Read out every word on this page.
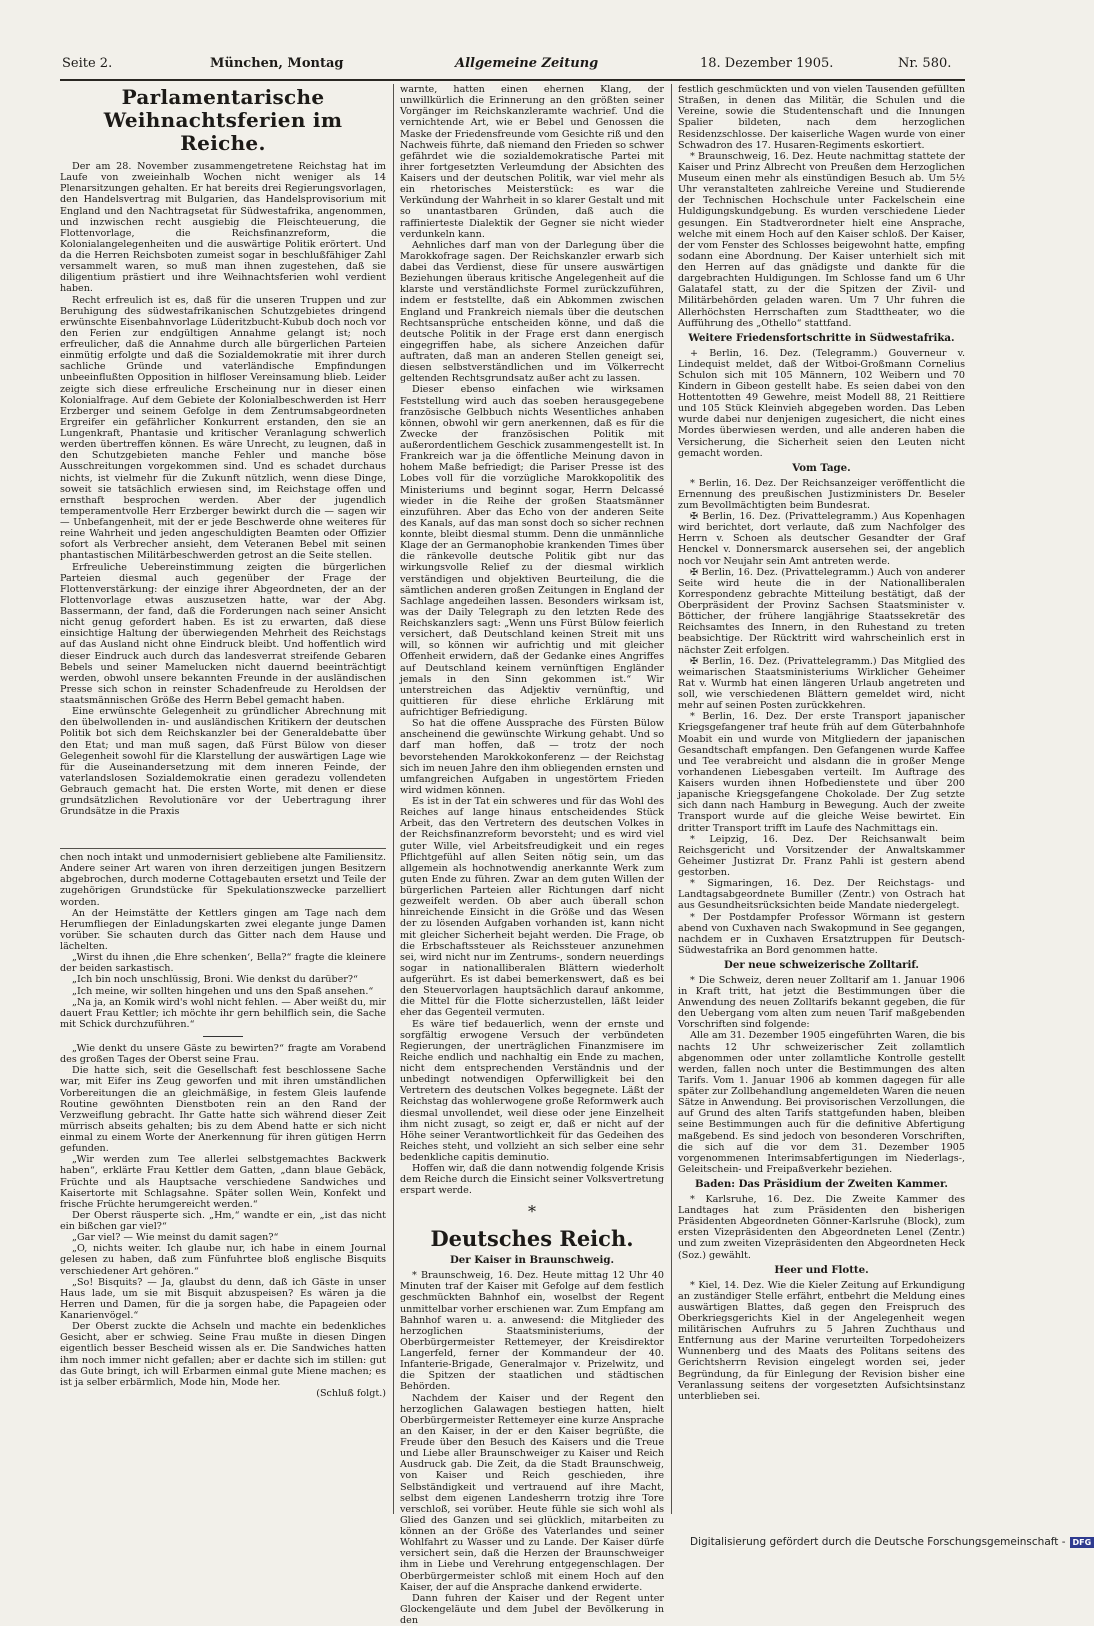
Seite 2.	München, Montag	Allgemeine Zeitung	18. Dezember 1905.	Nr. 580.
Parlamentarische Weihnachtsferien im Reiche.

Der am 28. November zusammengetretene Reichstag hat im Laufe von zweieinhalb Wochen nicht weniger als 14 Plenarsitzungen gehalten. Er hat bereits drei Regierungsvorlagen, den Handelsvertrag mit Bulgarien, das Handelsprovisorium mit England und den Nachtragsetat für Südwestafrika, angenommen, und inzwischen recht ausgiebig die Fleischteuerung, die Flottenvorlage, die Reichsfinanzreform, die Kolonialangelegenheiten und die auswärtige Politik erörtert. Und da die Herren Reichsboten zumeist sogar in beschlußfähiger Zahl versammelt waren, so muß man ihnen zugestehen, daß sie diligentium prästiert und ihre Weihnachtsferien wohl verdient haben.

Recht erfreulich ist es, daß für die unseren Truppen und zur Beruhigung des südwestafrikanischen Schutzgebietes dringend erwünschte Eisenbahnvorlage Lüderitzbucht-Kubub doch noch vor den Ferien zur endgültigen Annahme gelangt ist; noch erfreulicher, daß die Annahme durch alle bürgerlichen Parteien einmütig erfolgte und daß die Sozialdemokratie mit ihrer durch sachliche Gründe und vaterländische Empfindungen unbeeinflußten Opposition in hilfloser Vereinsamung blieb. Leider zeigte sich diese erfreuliche Erscheinung nur in dieser einen Kolonialfrage. Auf dem Gebiete der Kolonialbeschwerden ist Herr Erzberger und seinem Gefolge in dem Zentrumsabgeordneten Ergreifer ein gefährlicher Konkurrent erstanden, den sie an Lungenkraft, Phantasie und kritischer Veranlagung schwerlich werden übertreffen können. Es wäre Unrecht, zu leugnen, daß in den Schutzgebieten manche Fehler und manche böse Ausschreitungen vorgekommen sind. Und es schadet durchaus nichts, ist vielmehr für die Zukunft nützlich, wenn diese Dinge, soweit sie tatsächlich erwiesen sind, im Reichstage offen und ernsthaft besprochen werden. Aber der jugendlich temperamentvolle Herr Erzberger bewirkt durch die — sagen wir — Unbefangenheit, mit der er jede Beschwerde ohne weiteres für reine Wahrheit und jeden angeschuldigten Beamten oder Offizier sofort als Verbrecher ansieht, dem Veteranen Bebel mit seinen phantastischen Militärbeschwerden getrost an die Seite stellen.

Erfreuliche Uebereinstimmung zeigten die bürgerlichen Parteien diesmal auch gegenüber der Frage der Flottenverstärkung: der einzige ihrer Abgeordneten, der an der Flottenvorlage etwas auszusetzen hatte, war der Abg. Bassermann, der fand, daß die Forderungen nach seiner Ansicht nicht genug gefordert haben. Es ist zu erwarten, daß diese einsichtige Haltung der überwiegenden Mehrheit des Reichstags auf das Ausland nicht ohne Eindruck bleibt. Und hoffentlich wird dieser Eindruck auch durch das landesverrat streifende Gebaren Bebels und seiner Mamelucken nicht dauernd beeinträchtigt werden, obwohl unsere bekannten Freunde in der ausländischen Presse sich schon in reinster Schadenfreude zu Heroldsen der staatsmännischen Größe des Herrn Bebel gemacht haben.

Eine erwünschte Gelegenheit zu gründlicher Abrechnung mit den übelwollenden in- und ausländischen Kritikern der deutschen Politik bot sich dem Reichskanzler bei der Generaldebatte über den Etat; und man muß sagen, daß Fürst Bülow von dieser Gelegenheit sowohl für die Klarstellung der auswärtigen Lage wie für die Auseinandersetzung mit dem inneren Feinde, der vaterlandslosen Sozialdemokratie einen geradezu vollendeten Gebrauch gemacht hat. Die ersten Worte, mit denen er diese grundsätzlichen Revolutionäre vor der Uebertragung ihrer Grundsätze in die Praxis

chen noch intakt und unmodernisiert gebliebene alte Familiensitz. Andere seiner Art waren von ihren derzeitigen jungen Besitzern abgebrochen, durch moderne Cottagebauten ersetzt und Teile der zugehörigen Grundstücke für Spekulationszwecke parzelliert worden.

An der Heimstätte der Kettlers gingen am Tage nach dem Herumfliegen der Einladungskarten zwei elegante junge Damen vorüber. Sie schauten durch das Gitter nach dem Hause und lächelten.

„Wirst du ihnen ‚die Ehre schenken‘, Bella?“ fragte die kleinere der beiden sarkastisch.

„Ich bin noch unschlüssig, Broni. Wie denkst du darüber?“

„Ich meine, wir sollten hingehen und uns den Spaß ansehen.“

„Na ja, an Komik wird's wohl nicht fehlen. — Aber weißt du, mir dauert Frau Kettler; ich möchte ihr gern behilflich sein, die Sache mit Schick durchzuführen.“

„Wie denkt du unsere Gäste zu bewirten?“ fragte am Vorabend des großen Tages der Oberst seine Frau.

Die hatte sich, seit die Gesellschaft fest beschlossene Sache war, mit Eifer ins Zeug geworfen und mit ihren umständlichen Vorbereitungen die an gleichmäßige, in festem Gleis laufende Routine gewöhnten Dienstboten rein an den Rand der Verzweiflung gebracht. Ihr Gatte hatte sich während dieser Zeit mürrisch abseits gehalten; bis zu dem Abend hatte er sich nicht einmal zu einem Worte der Anerkennung für ihren gütigen Herrn gefunden.

„Wir werden zum Tee allerlei selbstgemachtes Backwerk haben“, erklärte Frau Kettler dem Gatten, „dann blaue Gebäck, Früchte und als Hauptsache verschiedene Sandwiches und Kaisertorte mit Schlagsahne. Später sollen Wein, Konfekt und frische Früchte herumgereicht werden.“

Der Oberst räusperte sich. „Hm,“ wandte er ein, „ist das nicht ein bißchen gar viel?“

„Gar viel? — Wie meinst du damit sagen?“

„O, nichts weiter. Ich glaube nur, ich habe in einem Journal gelesen zu haben, daß zum Fünfuhrtee bloß englische Bisquits verschiedener Art gehören.“

„So! Bisquits? — Ja, glaubst du denn, daß ich Gäste in unser Haus lade, um sie mit Bisquit abzuspeisen? Es wären ja die Herren und Damen, für die ja sorgen habe, die Papageien oder Kanarienvögel.“

Der Oberst zuckte die Achseln und machte ein bedenkliches Gesicht, aber er schwieg. Seine Frau mußte in diesen Dingen eigentlich besser Bescheid wissen als er. Die Sandwiches hatten ihm noch immer nicht gefallen; aber er dachte sich im stillen: gut das Gute bringt, ich will Erbarmen einmal gute Miene machen; es ist ja selber erbärmlich, Mode hin, Mode her.

(Schluß folgt.)

warnte, hatten einen ehernen Klang, der unwillkürlich die Erinnerung an den größten seiner Vorgänger im Reichskanzleramte wachrief. Und die vernichtende Art, wie er Bebel und Genossen die Maske der Friedensfreunde vom Gesichte riß und den Nachweis führte, daß niemand den Frieden so schwer gefährdet wie die sozialdemokratische Partei mit ihrer fortgesetzten Verleumdung der Absichten des Kaisers und der deutschen Politik, war viel mehr als ein rhetorisches Meisterstück: es war die Verkündung der Wahrheit in so klarer Gestalt und mit so unantastbaren Gründen, daß auch die raffinierteste Dialektik der Gegner sie nicht wieder verdunkeln kann.

Aehnliches darf man von der Darlegung über die Marokkofrage sagen. Der Reichskanzler erwarb sich dabei das Verdienst, diese für unsere auswärtigen Beziehungen überaus kritische Angelegenheit auf die klarste und verständlichste Formel zurückzuführen, indem er feststellte, daß ein Abkommen zwischen England und Frankreich niemals über die deutschen Rechtsansprüche entscheiden könne, und daß die deutsche Politik in der Frage erst dann energisch eingegriffen habe, als sichere Anzeichen dafür auftraten, daß man an anderen Stellen geneigt sei, diesen selbstverständlichen und im Völkerrecht geltenden Rechtsgrundsatz außer acht zu lassen.

Dieser ebenso einfachen wie wirksamen Feststellung wird auch das soeben herausgegebene französische Gelbbuch nichts Wesentliches anhaben können, obwohl wir gern anerkennen, daß es für die Zwecke der französischen Politik mit außerordentlichem Geschick zusammengestellt ist. In Frankreich war ja die öffentliche Meinung davon in hohem Maße befriedigt; die Pariser Presse ist des Lobes voll für die vorzügliche Marokkopolitik des Ministeriums und beginnt sogar, Herrn Delcassé wieder in die Reihe der großen Staatsmänner einzuführen. Aber das Echo von der anderen Seite des Kanals, auf das man sonst doch so sicher rechnen konnte, bleibt diesmal stumm. Denn die unmännliche Klage der an Germanophobie krankenden Times über die ränkevolle deutsche Politik gibt nur das wirkungsvolle Relief zu der diesmal wirklich verständigen und objektiven Beurteilung, die die sämtlichen anderen großen Zeitungen in England der Sachlage angedeihen lassen. Besonders wirksam ist, was der Daily Telegraph zu den letzten Rede des Reichskanzlers sagt: „Wenn uns Fürst Bülow feierlich versichert, daß Deutschland keinen Streit mit uns will, so können wir aufrichtig und mit gleicher Offenheit erwidern, daß der Gedanke eines Angriffes auf Deutschland keinem vernünftigen Engländer jemals in den Sinn gekommen ist.“ Wir unterstreichen das Adjektiv vernünftig, und quittieren für diese ehrliche Erklärung mit aufrichtiger Befriedigung.

So hat die offene Aussprache des Fürsten Bülow anscheinend die gewünschte Wirkung gehabt. Und so darf man hoffen, daß — trotz der noch bevorstehenden Marokkokonferenz — der Reichstag sich im neuen Jahre den ihm obliegenden ernsten und umfangreichen Aufgaben in ungestörtem Frieden wird widmen können.

Es ist in der Tat ein schweres und für das Wohl des Reiches auf lange hinaus entscheidendes Stück Arbeit, das den Vertretern des deutschen Volkes in der Reichsfinanzreform bevorsteht; und es wird viel guter Wille, viel Arbeitsfreudigkeit und ein reges Pflichtgefühl auf allen Seiten nötig sein, um das allgemein als hochnotwendig anerkannte Werk zum guten Ende zu führen. Zwar an dem guten Willen der bürgerlichen Parteien aller Richtungen darf nicht gezweifelt werden. Ob aber auch überall schon hinreichende Einsicht in die Größe und das Wesen der zu lösenden Aufgaben vorhanden ist, kann nicht mit gleicher Sicherheit bejaht werden. Die Frage, ob die Erbschaftssteuer als Reichssteuer anzunehmen sei, wird nicht nur im Zentrums-, sondern neuerdings sogar in nationalliberalen Blättern wiederholt aufgerührt. Es ist dabei bemerkenswert, daß es bei den Steuervorlagen hauptsächlich darauf ankomme, die Mittel für die Flotte sicherzustellen, läßt leider eher das Gegenteil vermuten.

Es wäre tief bedauerlich, wenn der ernste und sorgfältig erwogene Versuch der verbündeten Regierungen, der unerträglichen Finanzmisere im Reiche endlich und nachhaltig ein Ende zu machen, nicht dem entsprechenden Verständnis und der unbedingt notwendigen Opferwilligkeit bei den Vertretern des deutschen Volkes begegnete. Läßt der Reichstag das wohlerwogene große Reformwerk auch diesmal unvollendet, weil diese oder jene Einzelheit ihm nicht zusagt, so zeigt er, daß er nicht auf der Höhe seiner Verantwortlichkeit für das Gedeihen des Reiches steht, und vollzieht an sich selber eine sehr bedenkliche capitis deminutio.

Hoffen wir, daß die dann notwendig folgende Krisis dem Reiche durch die Einsicht seiner Volksvertretung erspart werde.

*
Deutsches Reich.
Der Kaiser in Braunschweig.

* Braunschweig, 16. Dez. Heute mittag 12 Uhr 40 Minuten traf der Kaiser mit Gefolge auf dem festlich geschmückten Bahnhof ein, woselbst der Regent unmittelbar vorher erschienen war. Zum Empfang am Bahnhof waren u. a. anwesend: die Mitglieder des herzoglichen Staatsministeriums, der Oberbürgermeister Rettemeyer, der Kreisdirektor Langerfeld, ferner der Kommandeur der 40. Infanterie-Brigade, Generalmajor v. Prizelwitz, und die Spitzen der staatlichen und städtischen Behörden.

Nachdem der Kaiser und der Regent den herzoglichen Galawagen bestiegen hatten, hielt Oberbürgermeister Rettemeyer eine kurze Ansprache an den Kaiser, in der er den Kaiser begrüßte, die Freude über den Besuch des Kaisers und die Treue und Liebe aller Braunschweiger zu Kaiser und Reich Ausdruck gab. Die Zeit, da die Stadt Braunschweig, von Kaiser und Reich geschieden, ihre Selbständigkeit und vertrauend auf ihre Macht, selbst dem eigenen Landesherrn trotzig ihre Tore verschloß, sei vorüber. Heute fühle sie sich wohl als Glied des Ganzen und sei glücklich, mitarbeiten zu können an der Größe des Vaterlandes und seiner Wohlfahrt zu Wasser und zu Lande. Der Kaiser dürfe versichert sein, daß die Herzen der Braunschweiger ihm in Liebe und Verehrung entgegenschlagen. Der Oberbürgermeister schloß mit einem Hoch auf den Kaiser, der auf die Ansprache dankend erwiderte.

Dann fuhren der Kaiser und der Regent unter Glockengeläute und dem Jubel der Bevölkerung in den

festlich geschmückten und von vielen Tausenden gefüllten Straßen, in denen das Militär, die Schulen und die Vereine, sowie die Studentenschaft und die Innungen Spalier bildeten, nach dem herzoglichen Residenzschlosse. Der kaiserliche Wagen wurde von einer Schwadron des 17. Husaren-Regiments eskortiert.

* Braunschweig, 16. Dez. Heute nachmittag stattete der Kaiser und Prinz Albrecht von Preußen dem Herzoglichen Museum einen mehr als einstündigen Besuch ab. Um 5½ Uhr veranstalteten zahlreiche Vereine und Studierende der Technischen Hochschule unter Fackelschein eine Huldigungskundgebung. Es wurden verschiedene Lieder gesungen. Ein Stadtverordneter hielt eine Ansprache, welche mit einem Hoch auf den Kaiser schloß. Der Kaiser, der vom Fenster des Schlosses beigewohnt hatte, empfing sodann eine Abordnung. Der Kaiser unterhielt sich mit den Herren auf das gnädigste und dankte für die dargebrachten Huldigungen. Im Schlosse fand um 6 Uhr Galatafel statt, zu der die Spitzen der Zivil- und Militärbehörden geladen waren. Um 7 Uhr fuhren die Allerhöchsten Herrschaften zum Stadttheater, wo die Aufführung des „Othello“ stattfand.

Weitere Friedensfortschritte in Südwestafrika.

+ Berlin, 16. Dez. (Telegramm.) Gouverneur v. Lindequist meldet, daß der Witboi-Großmann Cornelius Schulon sich mit 105 Männern, 102 Weibern und 70 Kindern in Gibeon gestellt habe. Es seien dabei von den Hottentotten 49 Gewehre, meist Modell 88, 21 Reittiere und 105 Stück Kleinvieh abgegeben worden. Das Leben wurde dabei nur denjenigen zugesichert, die nicht eines Mordes überwiesen werden, und alle anderen haben die Versicherung, die Sicherheit seien den Leuten nicht gemacht worden.

Vom Tage.

* Berlin, 16. Dez. Der Reichsanzeiger veröffentlicht die Ernennung des preußischen Justizministers Dr. Beseler zum Bevollmächtigten beim Bundesrat.

✠ Berlin, 16. Dez. (Privattelegramm.) Aus Kopenhagen wird berichtet, dort verlaute, daß zum Nachfolger des Herrn v. Schoen als deutscher Gesandter der Graf Henckel v. Donnersmarck ausersehen sei, der angeblich noch vor Neujahr sein Amt antreten werde.

✠ Berlin, 16. Dez. (Privattelegramm.) Auch von anderer Seite wird heute die in der Nationalliberalen Korrespondenz gebrachte Mitteilung bestätigt, daß der Oberpräsident der Provinz Sachsen Staatsminister v. Bötticher, der frühere langjährige Staatssekretär des Reichsamtes des Innern, in den Ruhestand zu treten beabsichtige. Der Rücktritt wird wahrscheinlich erst in nächster Zeit erfolgen.

✠ Berlin, 16. Dez. (Privattelegramm.) Das Mitglied des weimarischen Staatsministeriums Wirklicher Geheimer Rat v. Wurmb hat einen längeren Urlaub angetreten und soll, wie verschiedenen Blättern gemeldet wird, nicht mehr auf seinen Posten zurückkehren.

* Berlin, 16. Dez. Der erste Transport japanischer Kriegsgefangener traf heute früh auf dem Güterbahnhofe Moabit ein und wurde von Mitgliedern der japanischen Gesandtschaft empfangen. Den Gefangenen wurde Kaffee und Tee verabreicht und alsdann die in großer Menge vorhandenen Liebesgaben verteilt. Im Auftrage des Kaisers wurden ihnen Hofbedienstete und über 200 japanische Kriegsgefangene Chokolade. Der Zug setzte sich dann nach Hamburg in Bewegung. Auch der zweite Transport wurde auf die gleiche Weise bewirtet. Ein dritter Transport trifft im Laufe des Nachmittags ein.

* Leipzig, 16. Dez. Der Reichsanwalt beim Reichsgericht und Vorsitzender der Anwaltskammer Geheimer Justizrat Dr. Franz Pahli ist gestern abend gestorben.

* Sigmaringen, 16. Dez. Der Reichstags- und Landtagsabgeordnete Bumiller (Zentr.) von Ostrach hat aus Gesundheitsrücksichten beide Mandate niedergelegt.

* Der Postdampfer Professor Wörmann ist gestern abend von Cuxhaven nach Swakopmund in See gegangen, nachdem er in Cuxhaven Ersatztruppen für Deutsch-Südwestafrika an Bord genommen hatte.

Der neue schweizerische Zolltarif.

* Die Schweiz, deren neuer Zolltarif am 1. Januar 1906 in Kraft tritt, hat jetzt die Bestimmungen über die Anwendung des neuen Zolltarifs bekannt gegeben, die für den Uebergang vom alten zum neuen Tarif maßgebenden Vorschriften sind folgende:

Alle am 31. Dezember 1905 eingeführten Waren, die bis nachts 12 Uhr schweizerischer Zeit zollamtlich abgenommen oder unter zollamtliche Kontrolle gestellt werden, fallen noch unter die Bestimmungen des alten Tarifs. Vom 1. Januar 1906 ab kommen dagegen für alle später zur Zollbehandlung angemeldeten Waren die neuen Sätze in Anwendung. Bei provisorischen Verzollungen, die auf Grund des alten Tarifs stattgefunden haben, bleiben seine Bestimmungen auch für die definitive Abfertigung maßgebend. Es sind jedoch von besonderen Vorschriften, die sich auf die vor dem 31. Dezember 1905 vorgenommenen Interimsabfertigungen im Niederlags-, Geleitschein- und Freipaßverkehr beziehen.

Baden: Das Präsidium der Zweiten Kammer.

* Karlsruhe, 16. Dez. Die Zweite Kammer des Landtages hat zum Präsidenten den bisherigen Präsidenten Abgeordneten Gönner-Karlsruhe (Block), zum ersten Vizepräsidenten den Abgeordneten Lenel (Zentr.) und zum zweiten Vizepräsidenten den Abgeordneten Heck (Soz.) gewählt.

Heer und Flotte.

* Kiel, 14. Dez. Wie die Kieler Zeitung auf Erkundigung an zuständiger Stelle erfährt, entbehrt die Meldung eines auswärtigen Blattes, daß gegen den Freispruch des Oberkriegsgerichts Kiel in der Angelegenheit wegen militärischen Aufruhrs zu 5 Jahren Zuchthaus und Entfernung aus der Marine verurteilten Torpedoheizers Wunnenberg und des Maats des Politans seitens des Gerichtsherrn Revision eingelegt worden sei, jeder Begründung, da für Einlegung der Revision bisher eine Veranlassung seitens der vorgesetzten Aufsichtsinstanz unterblieben sei.

Digitalisierung gefördert durch die Deutsche Forschungsgemeinschaft - DFG
